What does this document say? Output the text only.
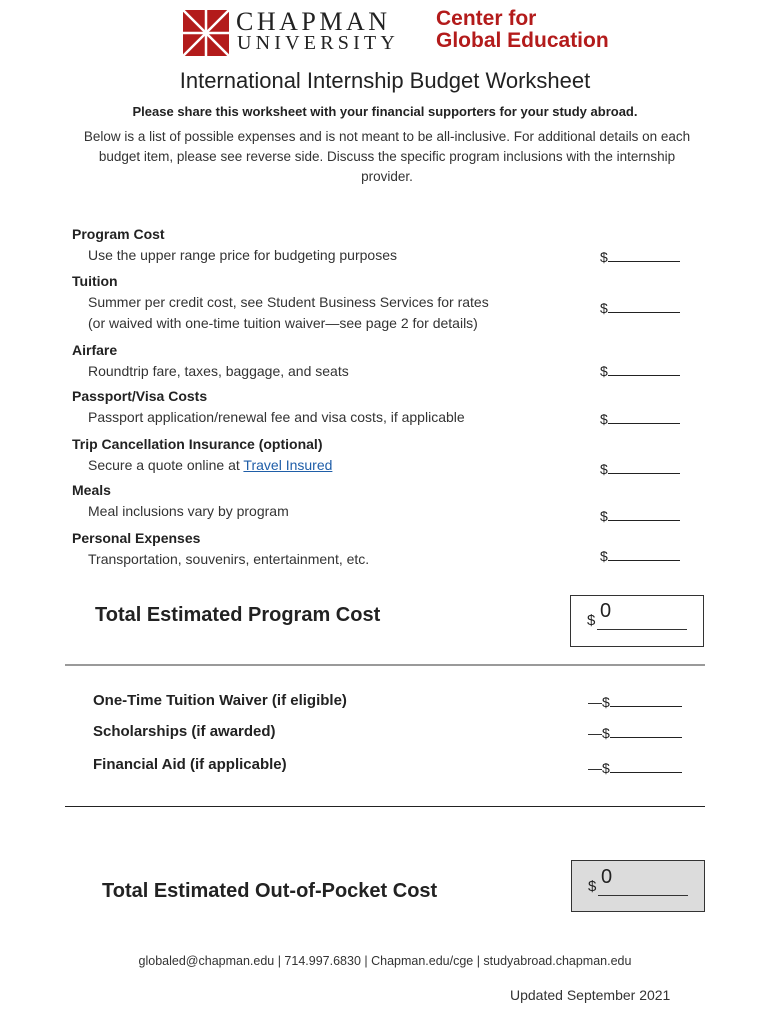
CHAPMAN
UNIVERSITY
Center for
Global Education
International Internship Budget Worksheet
Please share this worksheet with your financial supporters for your study abroad.
Below is a list of possible expenses and is not meant to be all-inclusive. For additional details on each budget item, please see reverse side. Discuss the specific program inclusions with the internship provider.
Program Cost
Use the upper range price for budgeting purposes	$
Tuition
Summer per credit cost, see Student Business Services for rates
(or waived with one-time tuition waiver—see page 2 for details)
$
Airfare
Roundtrip fare, taxes, baggage, and seats	$
Passport/Visa Costs
Passport application/renewal fee and visa costs, if applicable	$
Trip Cancellation Insurance (optional)
Secure a quote online at Travel Insured	$
Meals
Meal inclusions vary by program	$
Personal Expenses
Transportation, souvenirs, entertainment, etc.	$
Total Estimated Program Cost	$ 0
One-Time Tuition Waiver (if eligible)	—$
Scholarships (if awarded)	—$
Financial Aid (if applicable)	—$
Total Estimated Out-of-Pocket Cost	$ 0
globaled@chapman.edu | 714.997.6830 | Chapman.edu/cge | studyabroad.chapman.edu
Updated September 2021
